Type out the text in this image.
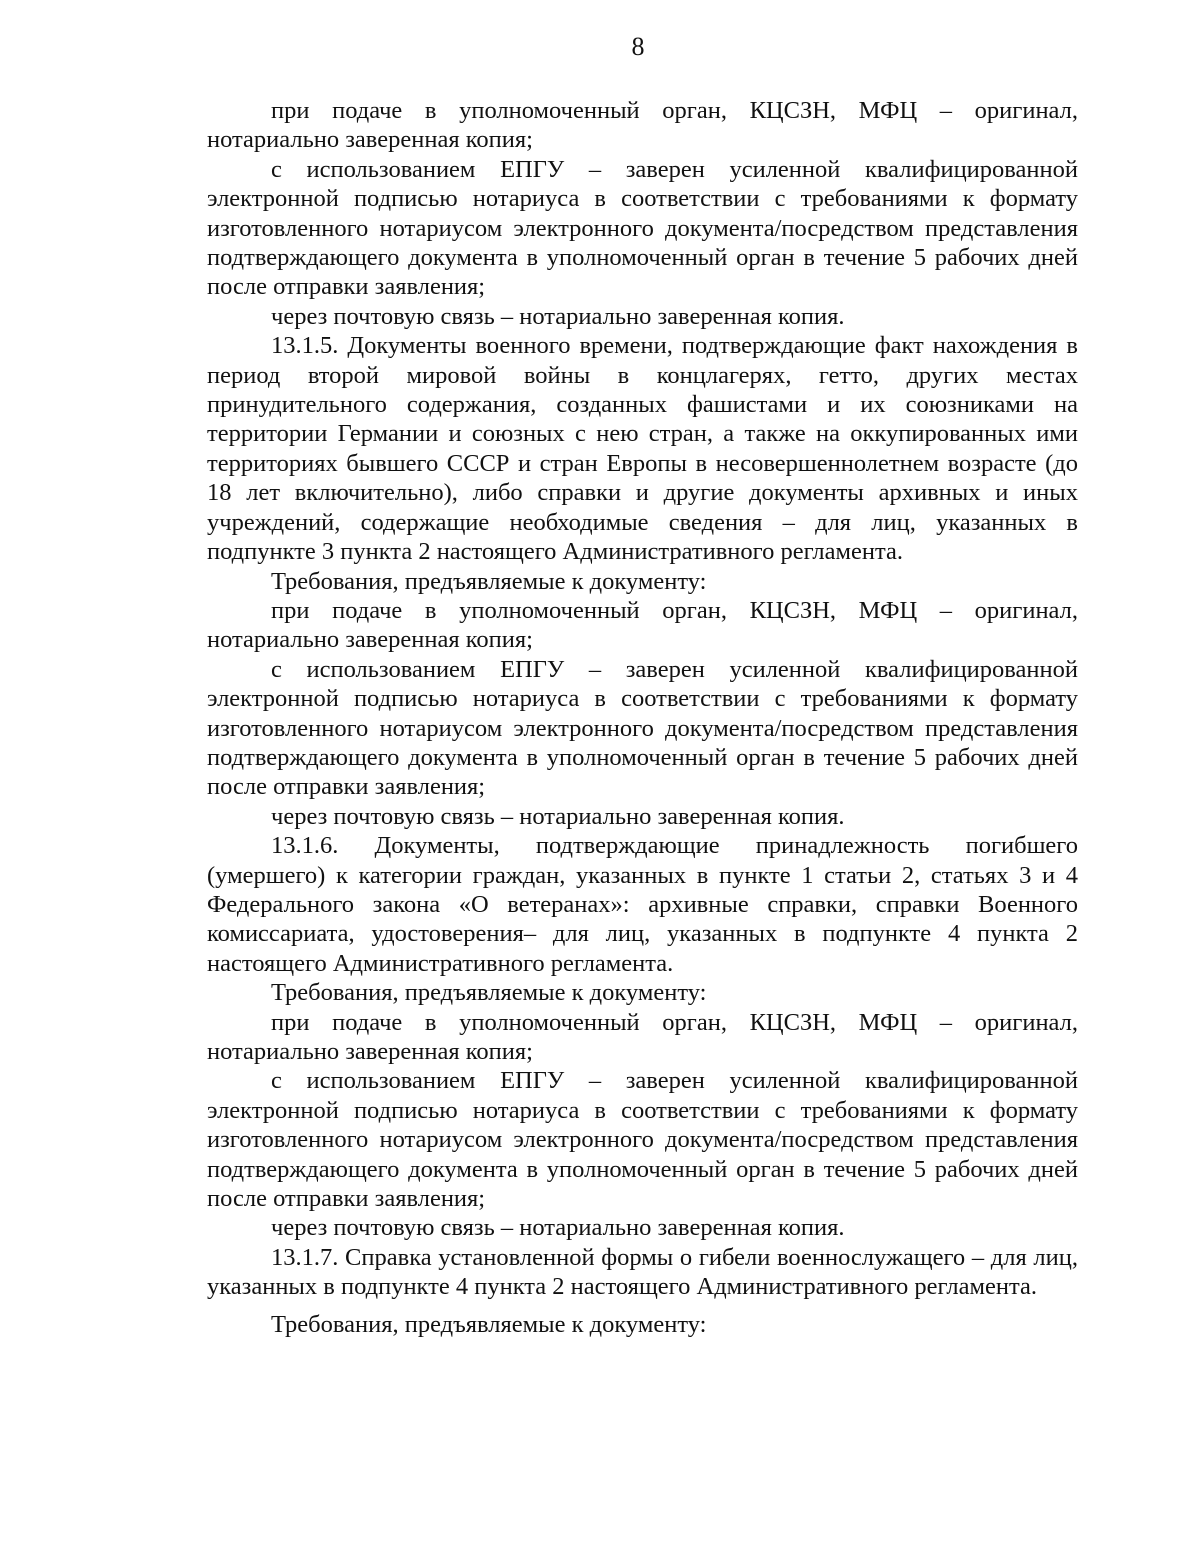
8

при подаче в уполномоченный орган, КЦСЗН, МФЦ – оригинал, нотариально заверенная копия;

с использованием ЕПГУ – заверен усиленной квалифицированной электронной подписью нотариуса в соответствии с требованиями к формату изготовленного нотариусом электронного документа/посредством представления подтверждающего документа в уполномоченный орган в течение 5 рабочих дней после отправки заявления;

через почтовую связь – нотариально заверенная копия.

13.1.5. Документы военного времени, подтверждающие факт нахождения в период второй мировой войны в концлагерях, гетто, других местах принудительного содержания, созданных фашистами и их союзниками на территории Германии и союзных с нею стран, а также на оккупированных ими территориях бывшего СССР и стран Европы в несовершеннолетнем возрасте (до 18 лет включительно), либо справки и другие документы архивных и иных учреждений, содержащие необходимые сведения – для лиц, указанных в подпункте 3 пункта 2 настоящего Административного регламента.

Требования, предъявляемые к документу:

при подаче в уполномоченный орган, КЦСЗН, МФЦ – оригинал, нотариально заверенная копия;

с использованием ЕПГУ – заверен усиленной квалифицированной электронной подписью нотариуса в соответствии с требованиями к формату изготовленного нотариусом электронного документа/посредством представления подтверждающего документа в уполномоченный орган в течение 5 рабочих дней после отправки заявления;

через почтовую связь – нотариально заверенная копия.

13.1.6. Документы, подтверждающие принадлежность погибшего (умершего) к категории граждан, указанных в пункте 1 статьи 2, статьях 3 и 4 Федерального закона «О ветеранах»: архивные справки, справки Военного комиссариата, удостоверения– для лиц, указанных в подпункте 4 пункта 2 настоящего Административного регламента.

Требования, предъявляемые к документу:

при подаче в уполномоченный орган, КЦСЗН, МФЦ – оригинал, нотариально заверенная копия;

с использованием ЕПГУ – заверен усиленной квалифицированной электронной подписью нотариуса в соответствии с требованиями к формату изготовленного нотариусом электронного документа/посредством представления подтверждающего документа в уполномоченный орган в течение 5 рабочих дней после отправки заявления;

через почтовую связь – нотариально заверенная копия.

13.1.7. Справка установленной формы о гибели военнослужащего – для лиц, указанных в подпункте 4 пункта 2 настоящего Административного регламента.

Требования, предъявляемые к документу:
